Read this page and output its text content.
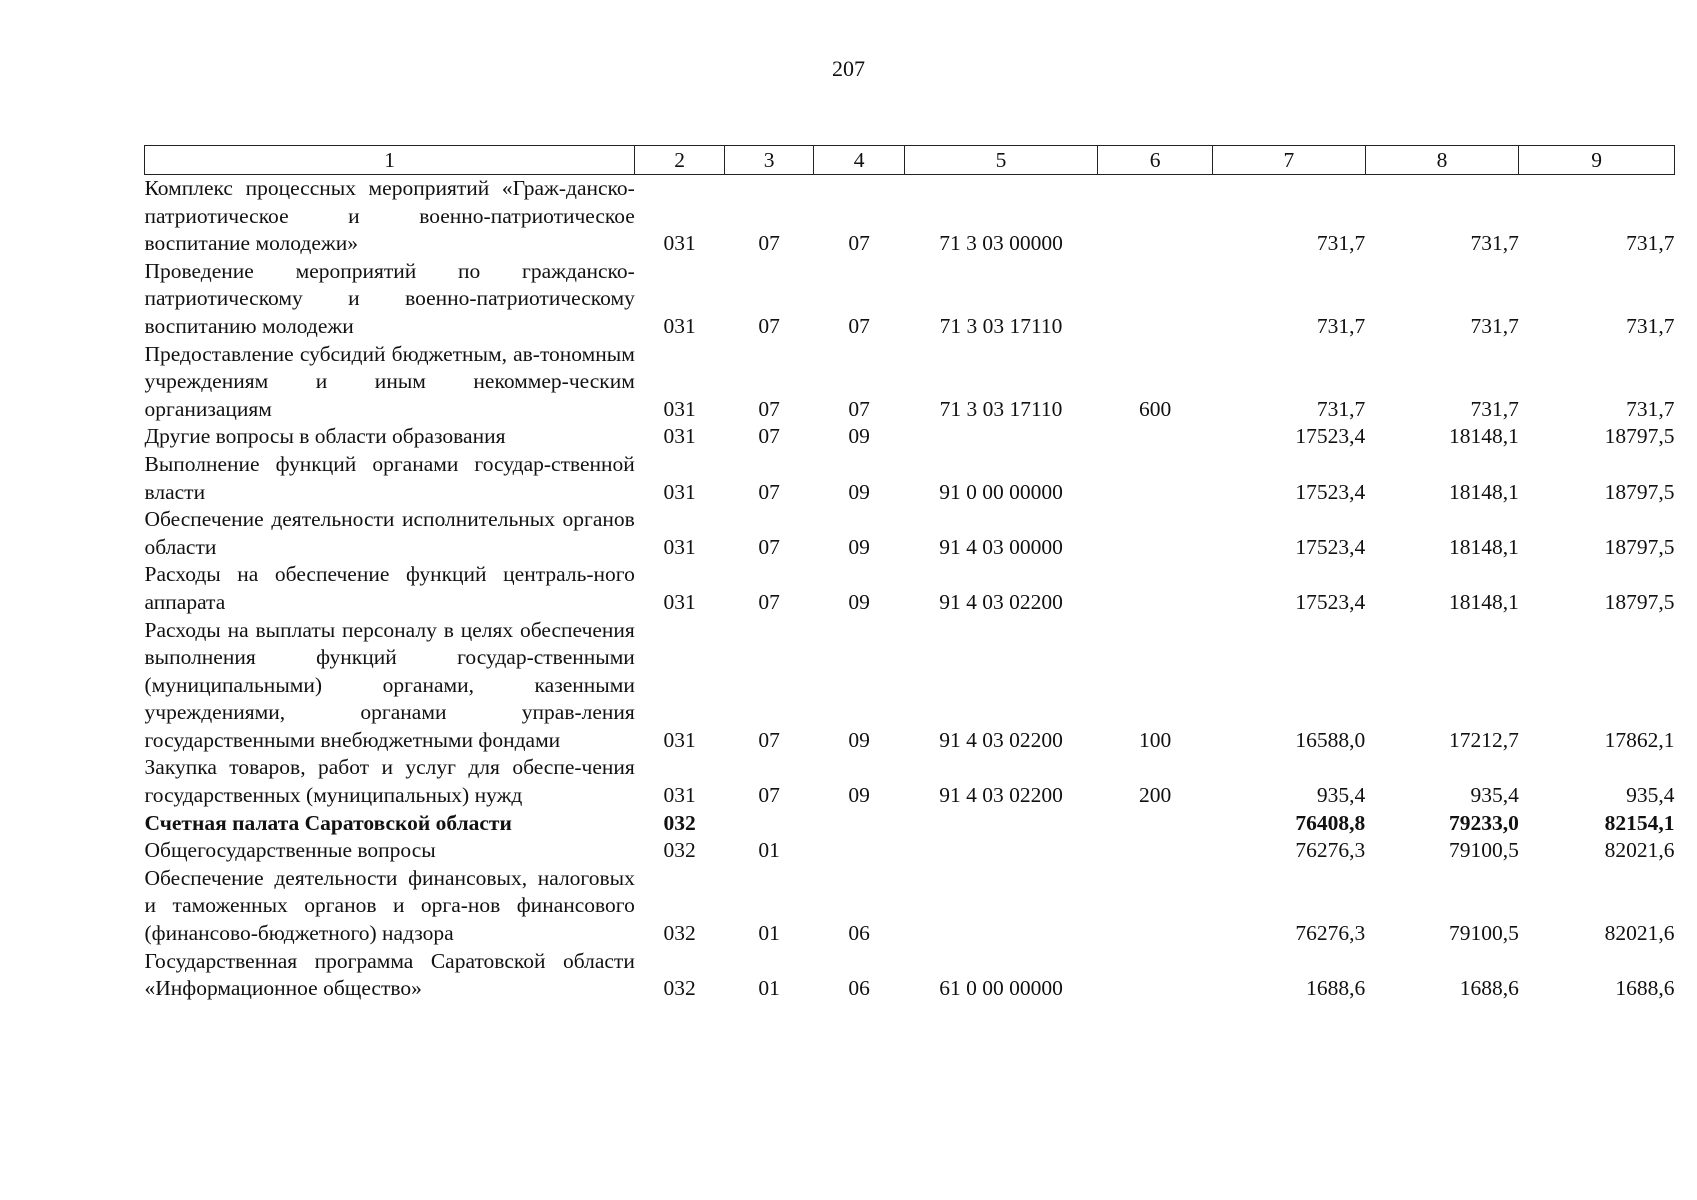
207
1	2	3	4	5	6	7	8	9
Комплекс процессных мероприятий «Граж-данско-патриотическое и военно-патриотическое воспитание молодежи»	031	07	07	71 3 03 00000		731,7	731,7	731,7
Проведение мероприятий по гражданско-патриотическому и военно-патриотическому воспитанию молодежи	031	07	07	71 3 03 17110		731,7	731,7	731,7
Предоставление субсидий бюджетным, ав-тономным учреждениям и иным некоммер-ческим организациям	031	07	07	71 3 03 17110	600	731,7	731,7	731,7
Другие вопросы в области образования	031	07	09			17523,4	18148,1	18797,5
Выполнение функций органами государ-ственной власти	031	07	09	91 0 00 00000		17523,4	18148,1	18797,5
Обеспечение деятельности исполнительных органов области	031	07	09	91 4 03 00000		17523,4	18148,1	18797,5
Расходы на обеспечение функций централь-ного аппарата	031	07	09	91 4 03 02200		17523,4	18148,1	18797,5
Расходы на выплаты персоналу в целях обеспечения выполнения функций государ-ственными (муниципальными) органами, казенными учреждениями, органами управ-ления государственными внебюджетными фондами	031	07	09	91 4 03 02200	100	16588,0	17212,7	17862,1
Закупка товаров, работ и услуг для обеспе-чения государственных (муниципальных) нужд	031	07	09	91 4 03 02200	200	935,4	935,4	935,4
Счетная палата Саратовской области	032					76408,8	79233,0	82154,1
Общегосударственные вопросы	032	01				76276,3	79100,5	82021,6
Обеспечение деятельности финансовых, налоговых и таможенных органов и орга-нов финансового (финансово-бюджетного) надзора	032	01	06			76276,3	79100,5	82021,6
Государственная программа Саратовской области «Информационное общество»	032	01	06	61 0 00 00000		1688,6	1688,6	1688,6
